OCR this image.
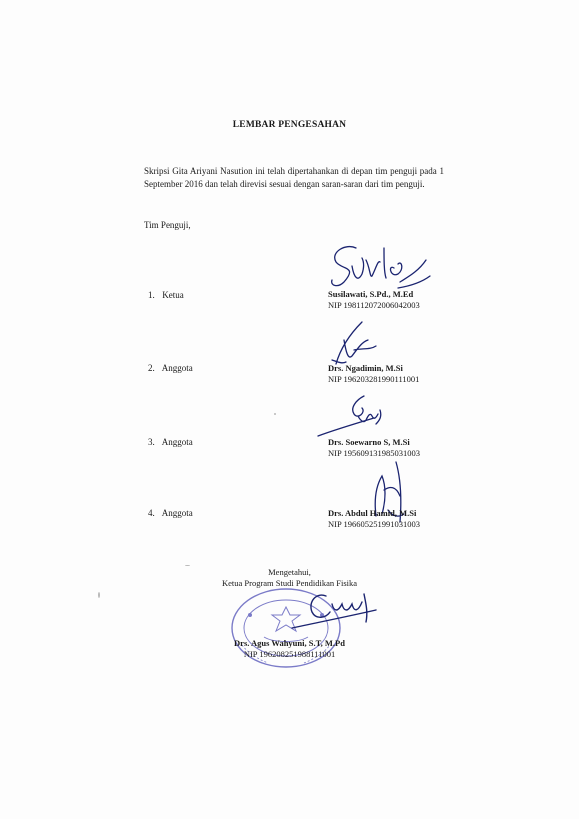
LEMBAR PENGESAHAN
Skripsi Gita Ariyani Nasution ini telah dipertahankan di depan tim penguji pada 1 September 2016 dan telah direvisi sesuai dengan saran-saran dari tim penguji.
Tim Penguji,
1. Ketua	Susilawati, S.Pd., M.Ed
NIP 198112072006042003
2. Anggota	Drs. Ngadimin, M.Si
NIP 196203281990111001
3. Anggota	Drs. Soewarno S, M.Si
NIP 195609131985031003
4. Anggota	Drs. Abdul Hamid, M.Si
NIP 196605251991031003
Mengetahui,
Ketua Program Studi Pendidikan Fisika
Drs. Agus Wahyuni, S.T, M.Pd
NIP 196208251988111001
